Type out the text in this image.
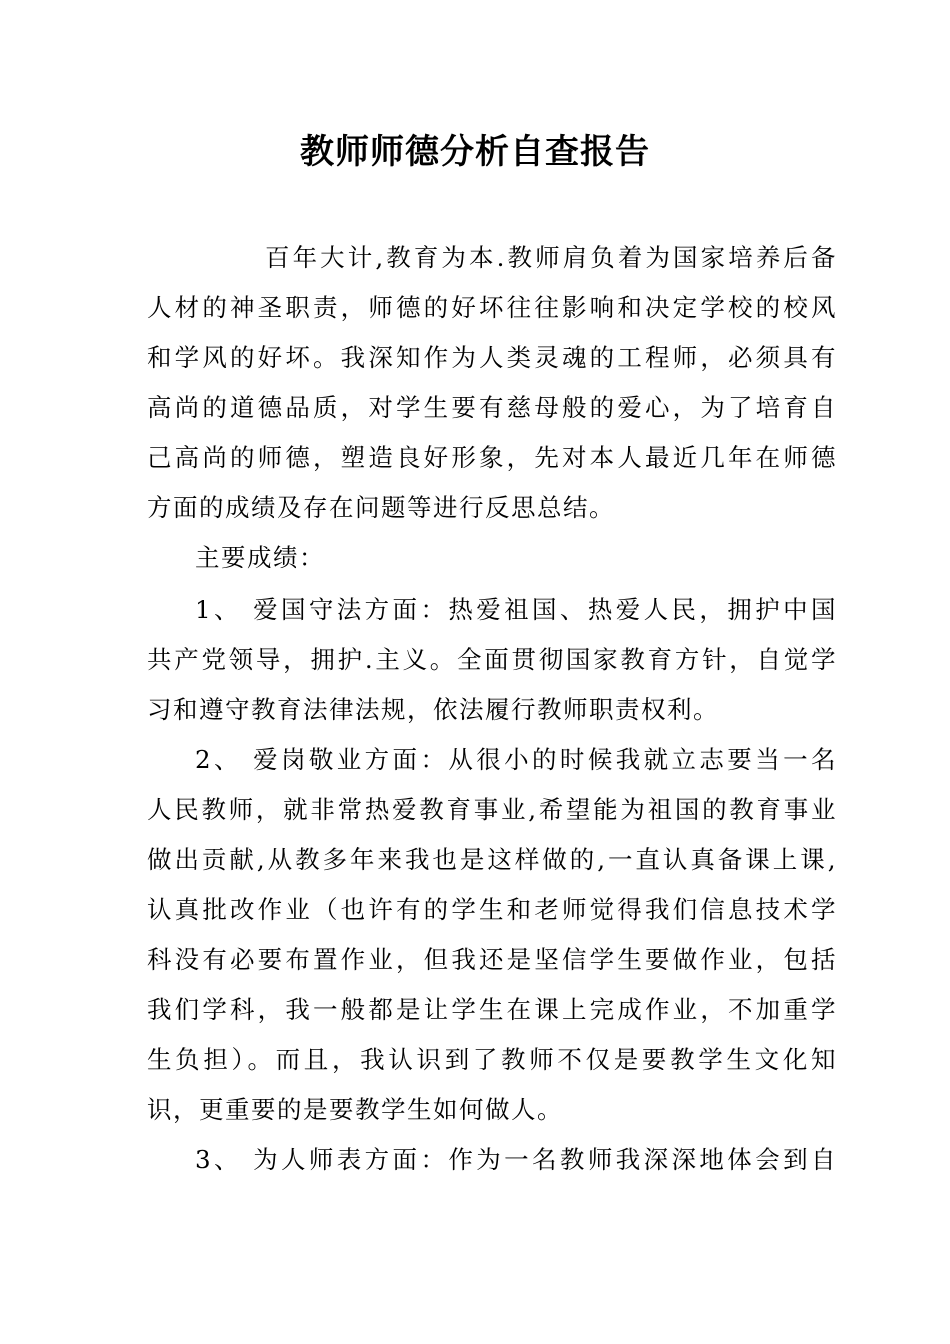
教师师德分析自查报告

百年大计,教育为本.教师肩负着为国家培养后备

人材的神圣职责，师德的好坏往往影响和决定学校的校风

和学风的好坏。我深知作为人类灵魂的工程师，必须具有

高尚的道德品质，对学生要有慈母般的爱心，为了培育自

己高尚的师德，塑造良好形象，先对本人最近几年在师德

方面的成绩及存在问题等进行反思总结。

主要成绩：

1、 爱国守法方面：热爱祖国、热爱人民，拥护中国

共产党领导，拥护.主义。全面贯彻国家教育方针，自觉学

习和遵守教育法律法规，依法履行教师职责权利。

2、 爱岗敬业方面：从很小的时候我就立志要当一名

人民教师，就非常热爱教育事业,希望能为祖国的教育事业

做出贡献,从教多年来我也是这样做的,一直认真备课上课,

认真批改作业（也许有的学生和老师觉得我们信息技术学

科没有必要布置作业，但我还是坚信学生要做作业，包括

我们学科，我一般都是让学生在课上完成作业，不加重学

生负担）。而且，我认识到了教师不仅是要教学生文化知

识，更重要的是要教学生如何做人。

3、 为人师表方面：作为一名教师我深深地体会到自
